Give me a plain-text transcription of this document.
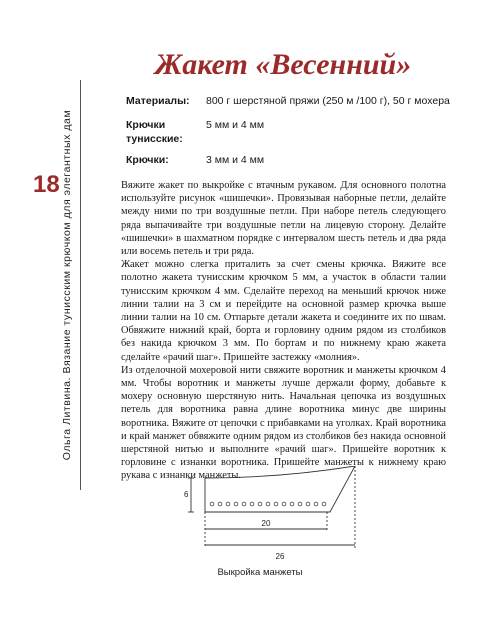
Ольга Литвина. Вязание тунисским крючком для элегантных дам
18
Жакет «Весенний»
Материалы:	800 г шерстяной пряжи (250 м /100 г), 50 г мохера
Крючки тунисские:
5 мм и 4 мм
Крючки:	3 мм и 4 мм

Вяжите жакет по выкройке с втачным рукавом. Для основного полотна используйте рисунок «шишечки». Провязывая наборные петли, делайте между ними по три воздушные петли. При наборе петель следующего ряда выпачивайте три воздушные петли на лицевую сторону. Делайте «шишечки» в шахматном порядке с интервалом шесть петель и два ряда или восемь петель и три ряда.

Жакет можно слегка приталить за счет смены крючка. Вяжите все полотно жакета тунисским крючком 5 мм, а участок в области талии тунисским крючком 4 мм. Сделайте переход на меньший крючок ниже линии талии на 3 см и перейдите на основной размер крючка выше линии талии на 10 см. Отпарьте детали жакета и соедините их по швам. Обвяжите нижний край, борта и горловину одним рядом из столбиков без накида крючком 3 мм. По бортам и по нижнему краю жакета сделайте «рачий шаг». Пришейте застежку «молния».

Из отделочной мохеровой нити свяжите воротник и манжеты крючком 4 мм. Чтобы воротник и манжеты лучше держали форму, добавьте к мохеру основную шерстяную нить. Начальная цепочка из воздушных петель для воротника равна длине воротника минус две ширины воротника. Вяжите от цепочки с прибавками на уголках. Край воротника и край манжет обвяжите одним рядом из столбиков без накида основной шерстяной нитью и выполните «рачий шаг». Пришейте воротник к горловине с изнанки воротника. Пришейте манжеты к нижнему краю рукава с изнанки манжеты.

6
20
26
Выкройка манжеты
